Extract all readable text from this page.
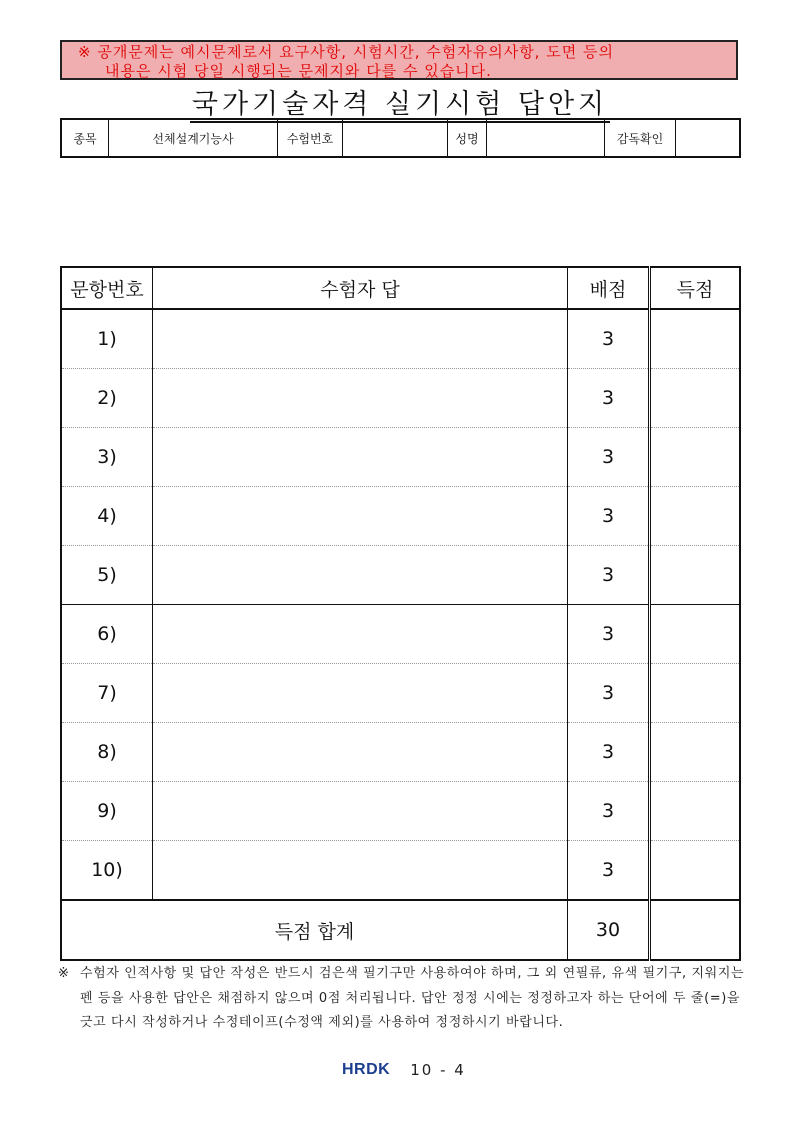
※ 공개문제는 예시문제로서 요구사항, 시험시간, 수험자유의사항, 도면 등의
내용은 시험 당일 시행되는 문제지와 다를 수 있습니다.
국가기술자격 실기시험 답안지
종목	선체설계기능사	수험번호		성명		감독확인	
문항번호	수험자 답	배점	득점
1)		3	
2)		3	
3)		3	
4)		3	
5)		3	
6)		3	
7)		3	
8)		3	
9)		3	
10)		3	
득점 합계		30	
※ 수험자 인적사항 및 답안 작성은 반드시 검은색 필기구만 사용하여야 하며, 그 외 연필류, 유색 필기구, 지워지는 펜 등을 사용한 답안은 채점하지 않으며 0점 처리됩니다. 답안 정정 시에는 정정하고자 하는 단어에 두 줄(=)을 긋고 다시 작성하거나 수정테이프(수정액 제외)를 사용하여 정정하시기 바랍니다.
HRDK 10 - 4
